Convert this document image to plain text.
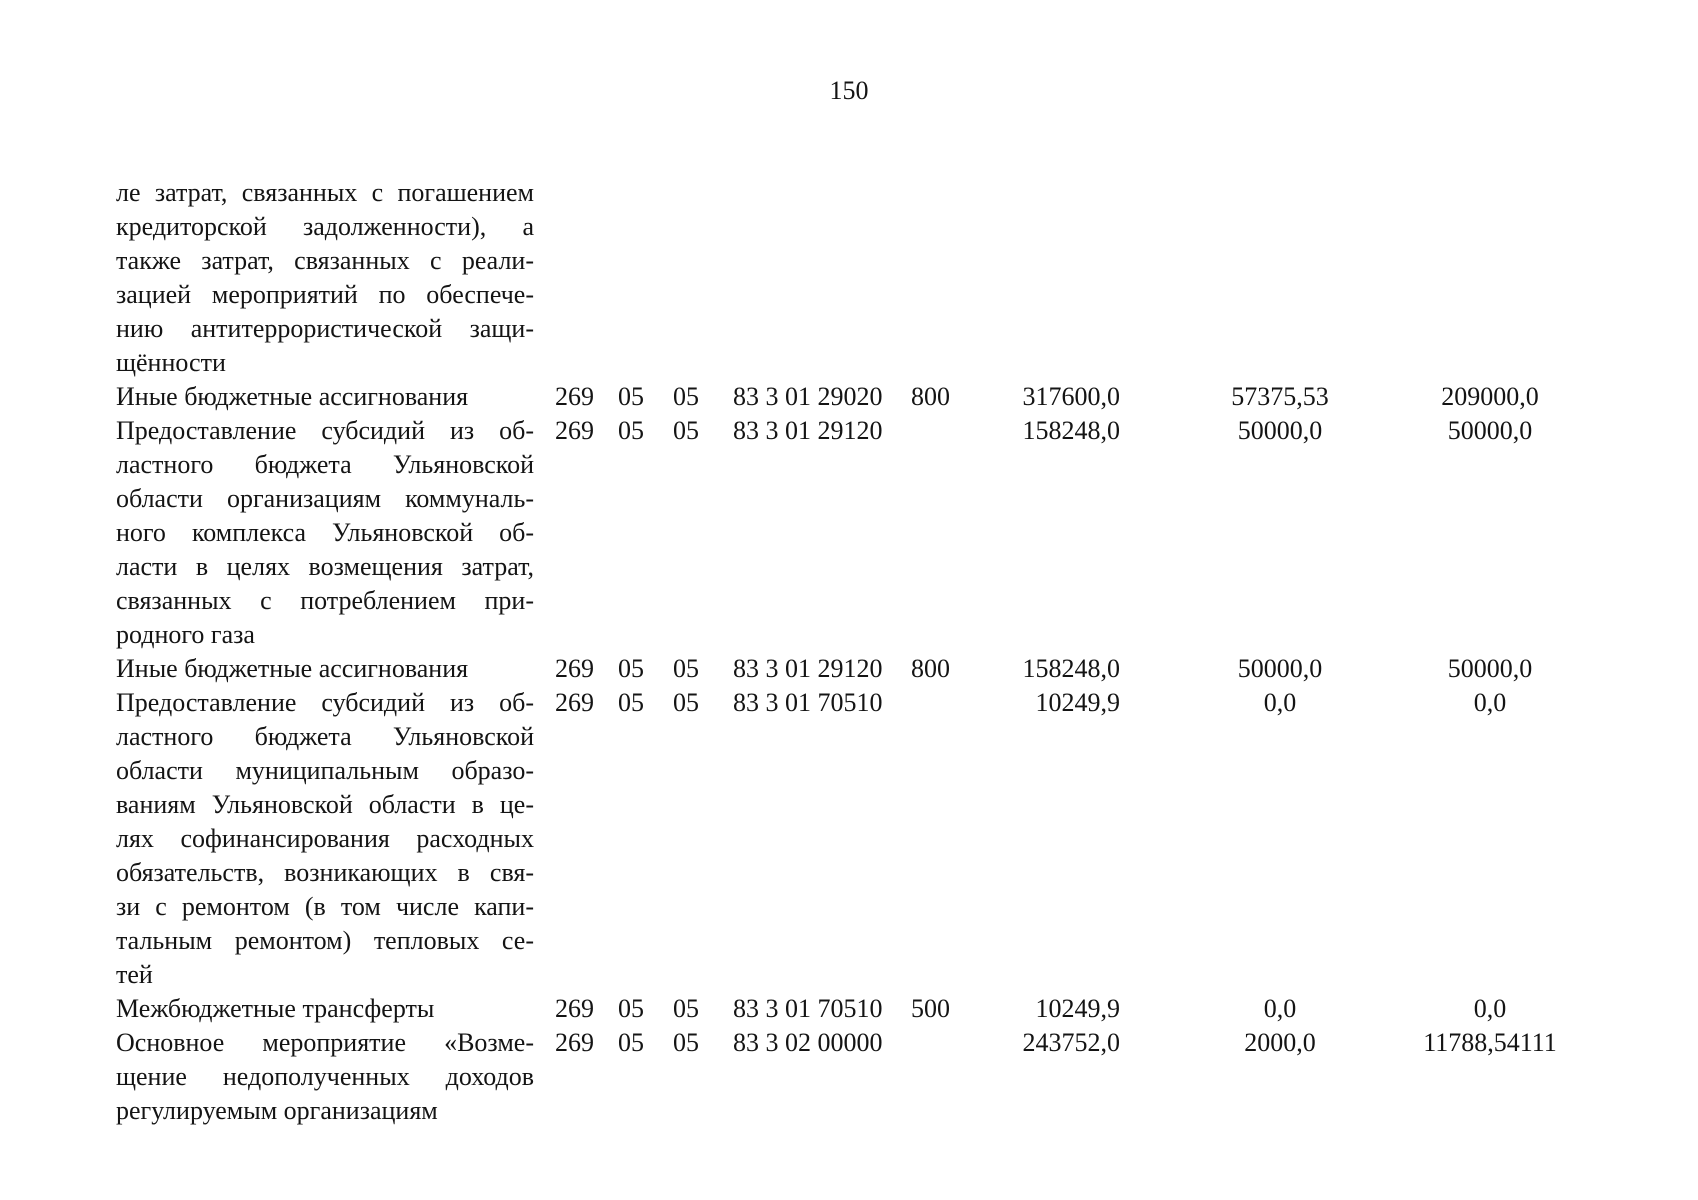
150
ле затрат, связанных с погашением
кредиторской задолженности), а
также затрат, связанных с реали-
зацией мероприятий по обеспече-
нию антитеррористической защи-
щённости
Иные бюджетные ассигнования	269 05 05 83 3 01 29020 800	317600,0	57375,53	209000,0
Предоставление субсидий из об-
ластного бюджета Ульяновской
области организациям коммуналь-
ного комплекса Ульяновской об-
ласти в целях возмещения затрат,
связанных с потреблением при-
родного газа
269 05 05 83 3 01 29120	158248,0	50000,0	50000,0
Иные бюджетные ассигнования	269 05 05 83 3 01 29120 800	158248,0	50000,0	50000,0
Предоставление субсидий из об-
ластного бюджета Ульяновской
области муниципальным образо-
ваниям Ульяновской области в це-
лях софинансирования расходных
обязательств, возникающих в свя-
зи с ремонтом (в том числе капи-
тальным ремонтом) тепловых се-
тей
269 05 05 83 3 01 70510	10249,9	0,0	0,0
Межбюджетные трансферты	269 05 05 83 3 01 70510 500	10249,9	0,0	0,0
Основное мероприятие «Возме-
щение недополученных доходов
регулируемым организациям
269 05 05 83 3 02 00000	243752,0	2000,0	11788,54111
